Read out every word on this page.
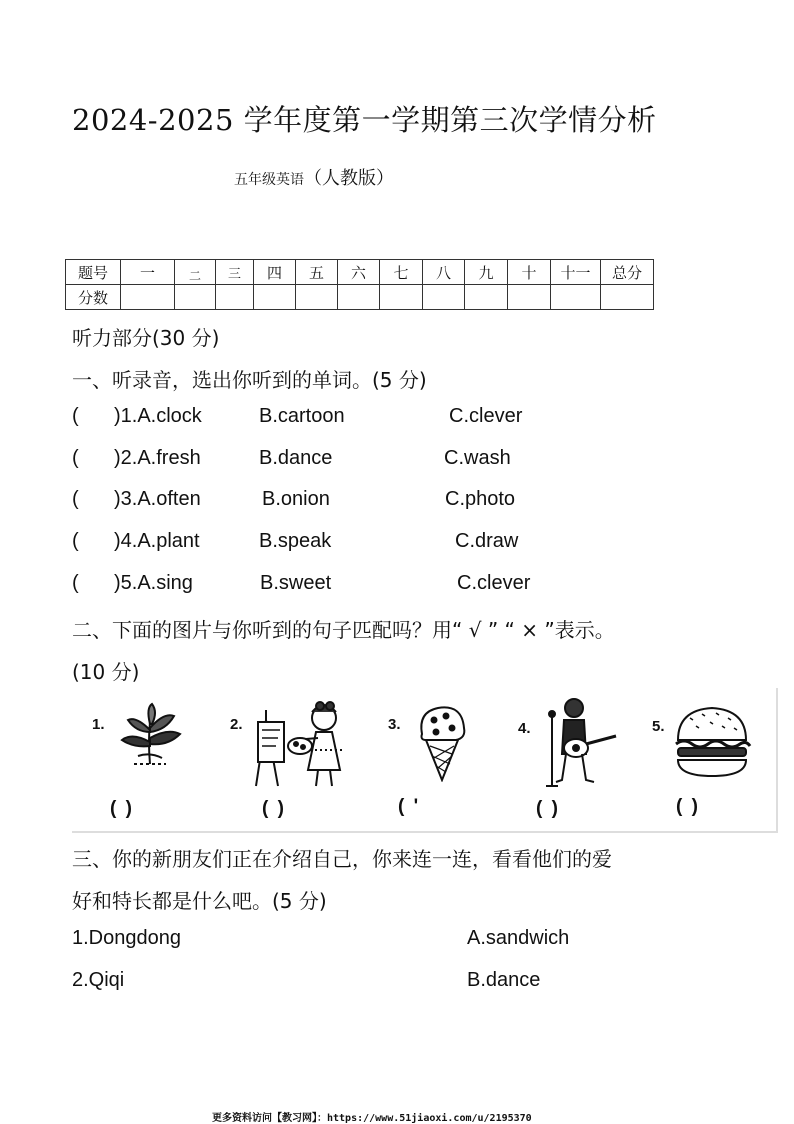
2024-2025 学年度第一学期第三次学情分析
五年级英语（人教版）
题号	一	二	三	四	五	六	七	八	九	十	十一	总分
分数												
听力部分(30 分)
一、听录音，选出你听到的单词。(5 分)
( )1.A.clock	B.cartoon	C.clever
( )2.A.fresh	B.dance	C.wash
( )3.A.often	B.onion	C.photo
( )4.A.plant	B.speak	C.draw
( )5.A.sing	B.sweet	C.clever
二、下面的图片与你听到的句子匹配吗？用“ √ ” “ × ”表示。
(10 分)
1.
( )
2.
( )
3.
( '
4.
( )
5.
( )
三、你的新朋友们正在介绍自己，你来连一连，看看他们的爱
好和特长都是什么吧。(5 分)
1.Dongdong	A.sandwich
2.Qiqi	B.dance
更多资料访问【教习网】：https://www.51jiaoxi.com/u/2195370
